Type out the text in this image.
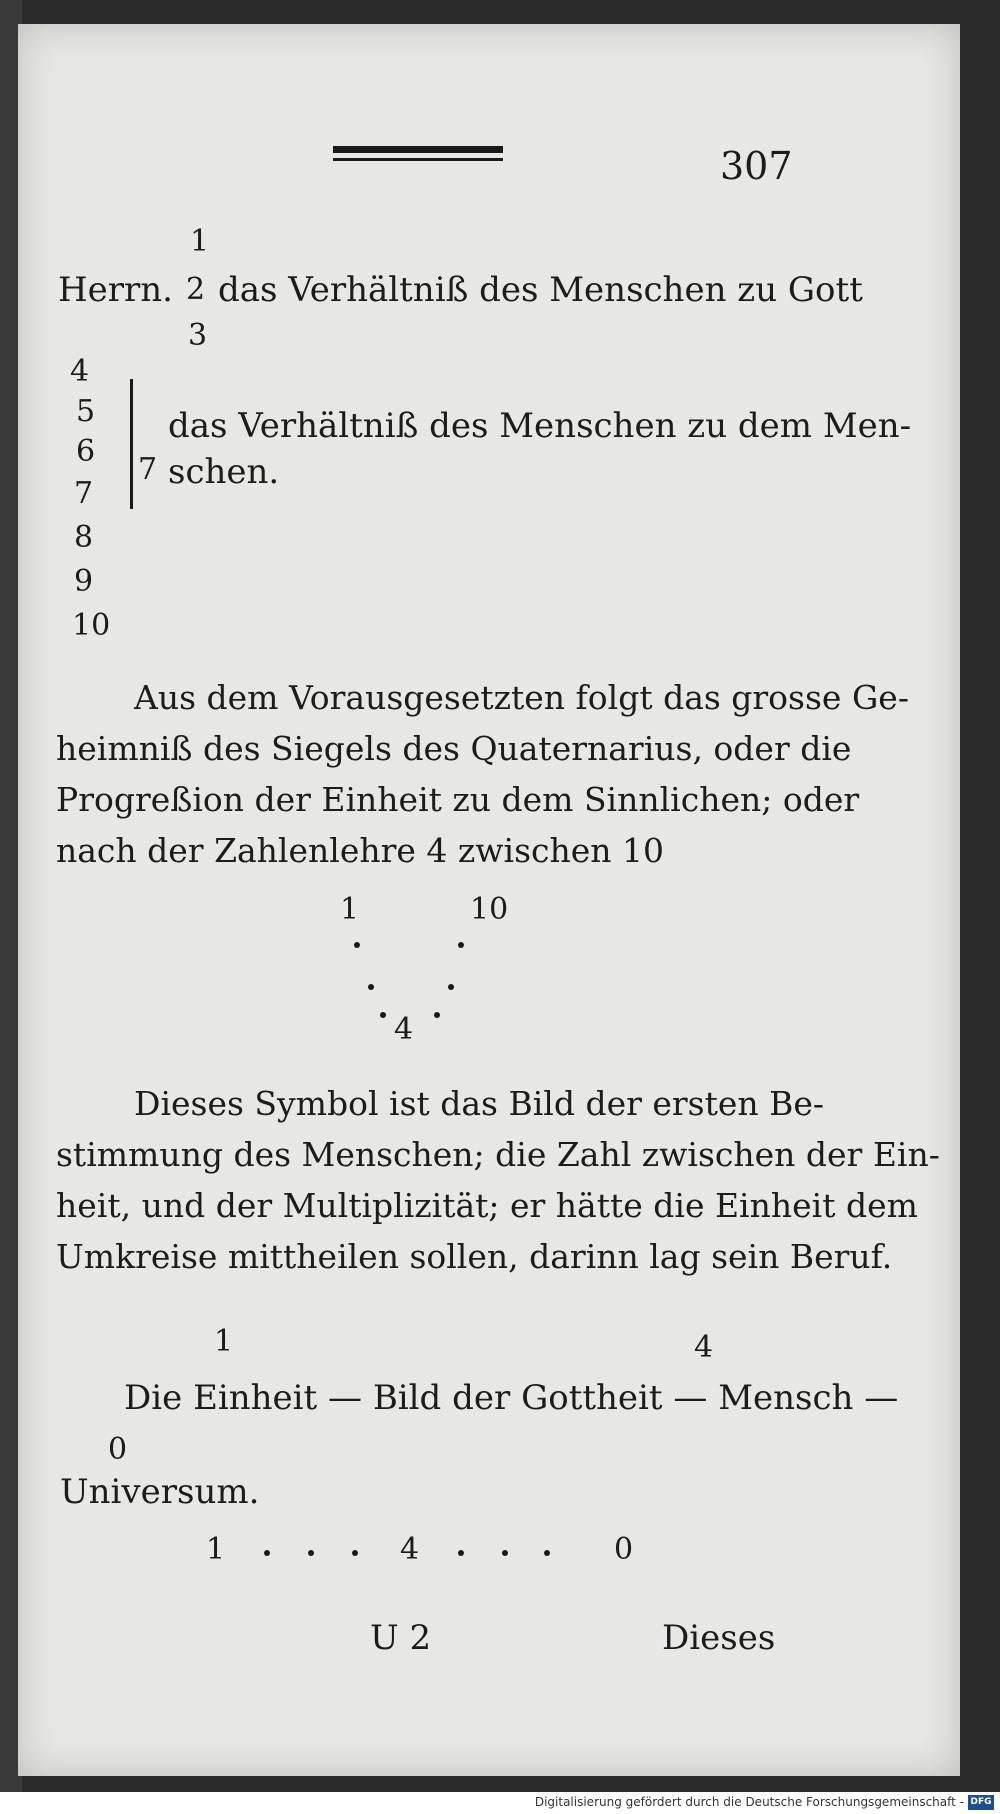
307
1
Herrn. 2 das Verhältniß des Menschen zu Gott
3
4
5
6
7
8
9
10
das Verhältniß des Menschen zu dem Men-
7 schen.
Aus dem Vorausgesetzten folgt das grosse Ge-
heimniß des Siegels des Quaternarius, oder die
Progreßion der Einheit zu dem Sinnlichen; oder
nach der Zahlenlehre 4 zwischen 10
1	10
4
Dieses Symbol ist das Bild der ersten Be-
stimmung des Menschen; die Zahl zwischen der Ein-
heit, und der Multiplizität; er hätte die Einheit dem
Umkreise mittheilen sollen, darinn lag sein Beruf.
1	4
Die Einheit — Bild der Gottheit — Mensch —
0
Universum.
1	4	0
U 2	Dieses
Digitalisierung gefördert durch die Deutsche Forschungsgemeinschaft - DFG
